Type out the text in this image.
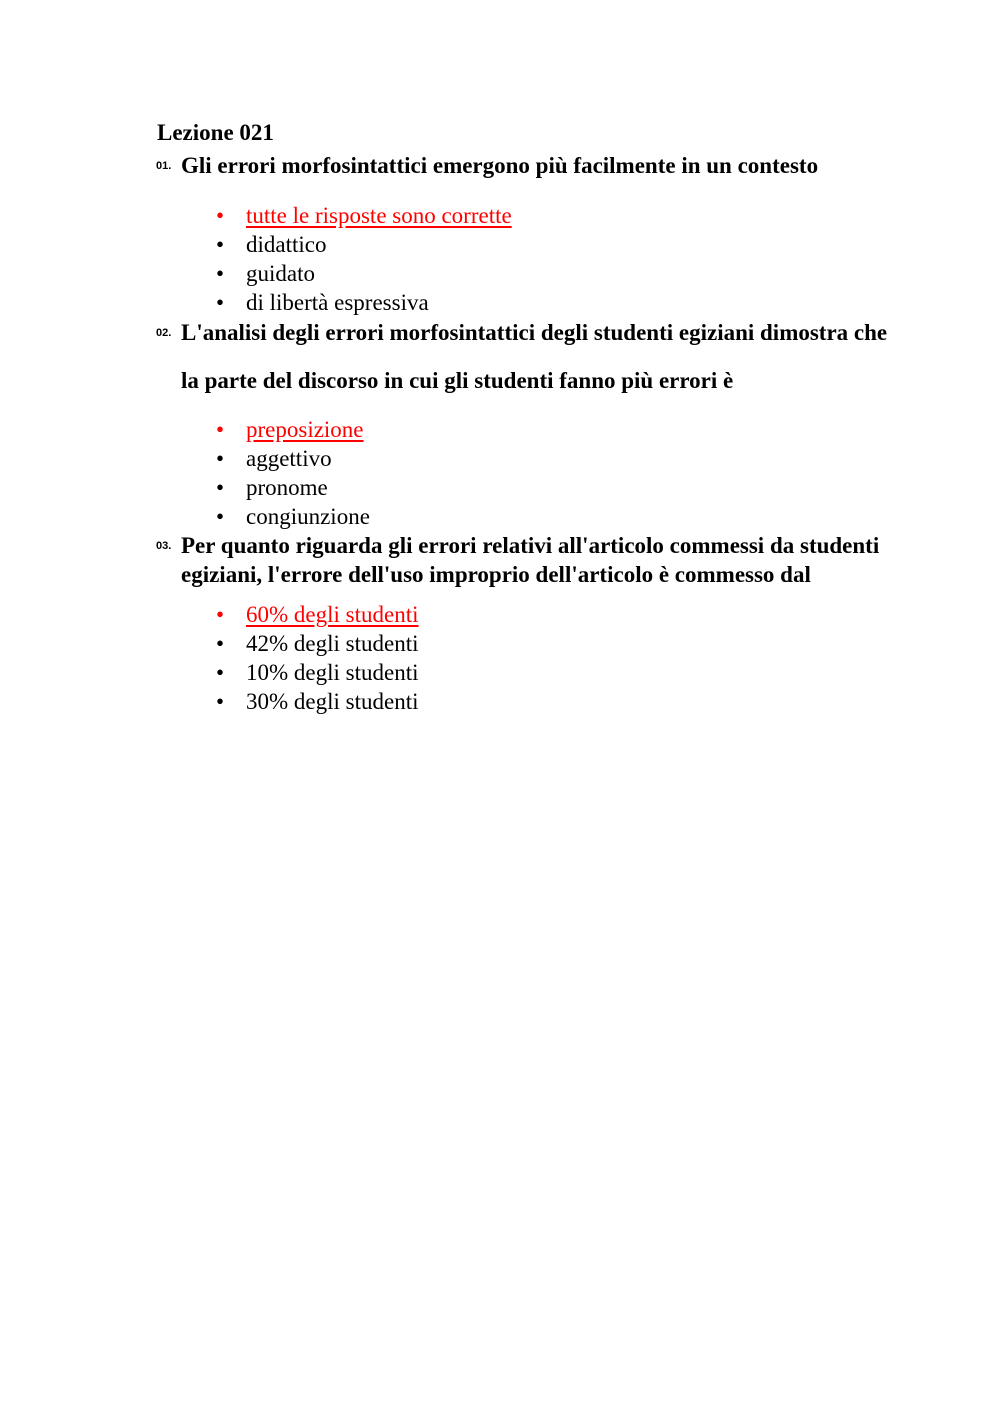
Lezione 021
01. Gli errori morfosintattici emergono più facilmente in un contesto
• tutte le risposte sono corrette
• didattico
• guidato
• di libertà espressiva
02. L'analisi degli errori morfosintattici degli studenti egiziani dimostra che
la parte del discorso in cui gli studenti fanno più errori è
• preposizione
• aggettivo
• pronome
• congiunzione
03. Per quanto riguarda gli errori relativi all'articolo commessi da studenti
egiziani, l'errore dell'uso improprio dell'articolo è commesso dal
• 60% degli studenti
• 42% degli studenti
• 10% degli studenti
• 30% degli studenti
